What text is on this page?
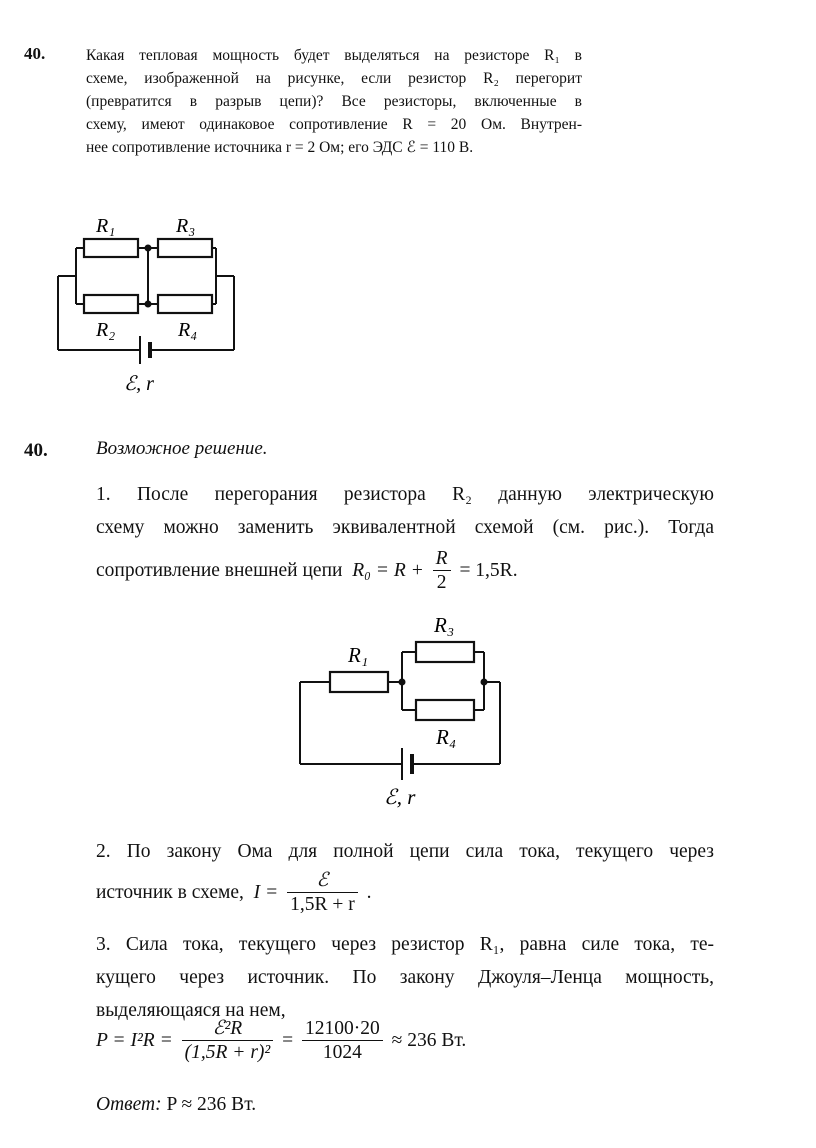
40.	Какая тепловая мощность будет выделяться на резисторе R₁ в
схеме, изображенной на рисунке, если резистор R₂ перегорит
(превратится в разрыв цепи)? Все резисторы, включенные в
схему, имеют одинаковое сопротивление R = 20 Ом. Внутрен-
нее сопротивление источника r = 2 Ом; его ЭДС ℰ = 110 В.
R₁	R₃
R₂	R₄
ℰ, r
R₁
R₃
R₄
ℰ, r
40.	Возможное решение.
1. После перегорания резистора R₂ данную электрическую
схему можно заменить эквивалентной схемой (см. рис.). Тогда
сопротивление внешней цепи $R_0 = R + \frac{R}{2} = 1,5R$.
2. По закону Ома для полной цепи сила тока, текущего через
источник в схеме, $I = \frac{\text{ℰ}}{1,5R + r}$ .
3. Сила тока, текущего через резистор R₁, равна силе тока, те-
кущего через источник. По закону Джоуля–Ленца мощность,
выделяющаяся на нем,
$P = I^2R = \frac{\text{ℰ²R}}{\text{(1,5R + r)²}} = \frac{12100\cdot 20}{1024} \approx 236$ Вт.
Ответ: P ≈ 236 Вт.
